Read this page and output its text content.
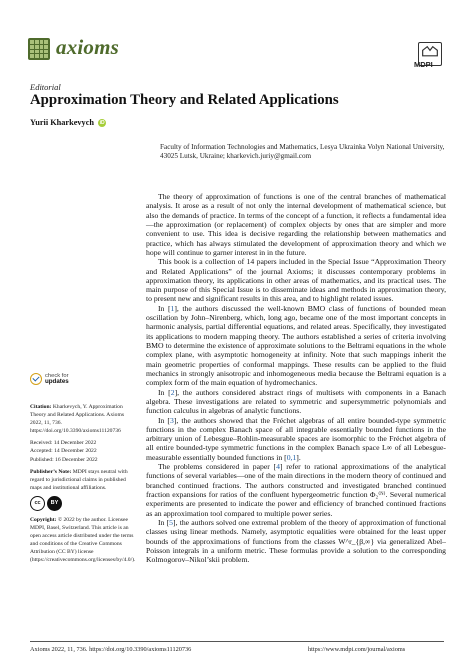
axioms
MDPI
Editorial
Approximation Theory and Related Applications
Yurii Kharkevych iD
Faculty of Information Technologies and Mathematics, Lesya Ukrainka Volyn National University, 43025 Lutsk, Ukraine; kharkevich.juriy@gmail.com

The theory of approximation of functions is one of the central branches of mathematical analysis. It arose as a result of not only the internal development of mathematical science, but also the demands of practice. In terms of the concept of a function, it reflects a fundamental idea—the approximation (or replacement) of complex objects by ones that are simpler and more convenient to use. This idea is decisive regarding the relationship between mathematics and practice, which has always stimulated the development of approximation theory and which we hope will continue to garner interest in in the future.

This book is a collection of 14 papers included in the Special Issue “Approximation Theory and Related Applications” of the journal Axioms; it discusses contemporary problems in approximation theory, its applications in other areas of mathematics, and its practical uses. The main purpose of this Special Issue is to disseminate ideas and methods in approximation theory, to present new and significant results in this area, and to highlight related issues.

In [1], the authors discussed the well-known BMO class of functions of bounded mean oscillation by John–Nirenberg, which, long ago, became one of the most important concepts in harmonic analysis, partial differential equations, and related areas. Specifically, they investigated its applications to modern mapping theory. The authors established a series of criteria involving BMO to determine the existence of approximate solutions to the Beltrami equations in the whole complex plane, with asymptotic homogeneity at infinity. Note that such mappings inherit the main geometric properties of conformal mappings. These results can be applied to the fluid mechanics in strongly anisotropic and inhomogeneous media because the Beltrami equation is a complex form of the main equation of hydromechanics.

In [2], the authors considered abstract rings of multisets with components in a Banach algebra. These investigations are related to symmetric and supersymmetric polynomials and function calculus in algebras of analytic functions.

In [3], the authors showed that the Fréchet algebras of all entire bounded-type symmetric functions in the complex Banach space of all integrable essentially bounded functions in the arbitrary union of Lebesgue–Rohlin-measurable spaces are isomorphic to the Fréchet algebra of all entire bounded-type symmetric functions in the complex Banach space L∞ of all Lebesgue-measurable essentially bounded functions in [0,1].

The problems considered in paper [4] refer to rational approximations of the analytical functions of several variables—one of the main directions in the modern theory of continued and branched continued fractions. The authors constructed and investigated branched continued fraction expansions for ratios of the confluent hypergeometric function Φ₂⁽ᴺ⁾. Several numerical experiments are presented to indicate the power and efficiency of branched continued fractions as an approximation tool compared to multiple power series.

In [5], the authors solved one extremal problem of the theory of approximation of functional classes using linear methods. Namely, asymptotic equalities were obtained for the least upper bounds of the approximations of functions from the classes W^r_{β,∞} via generalized Abel–Poisson integrals in a uniform metric. These formulas provide a solution to the corresponding Kolmogorov–Nikol’skii problem.

check for
updates

Citation: Kharkevych, Y. Approximation Theory and Related Applications. Axioms 2022, 11, 736. https://doi.org/10.3390/axioms11120736

Received: 14 December 2022
Accepted: 14 December 2022
Published: 16 December 2022

Publisher’s Note: MDPI stays neutral with regard to jurisdictional claims in published maps and institutional affiliations.

cc	BY

Copyright: © 2022 by the author. Licensee MDPI, Basel, Switzerland. This article is an open access article distributed under the terms and conditions of the Creative Commons Attribution (CC BY) license (https://creativecommons.org/licenses/by/4.0/).

Axioms 2022, 11, 736. https://doi.org/10.3390/axioms11120736	https://www.mdpi.com/journal/axioms
